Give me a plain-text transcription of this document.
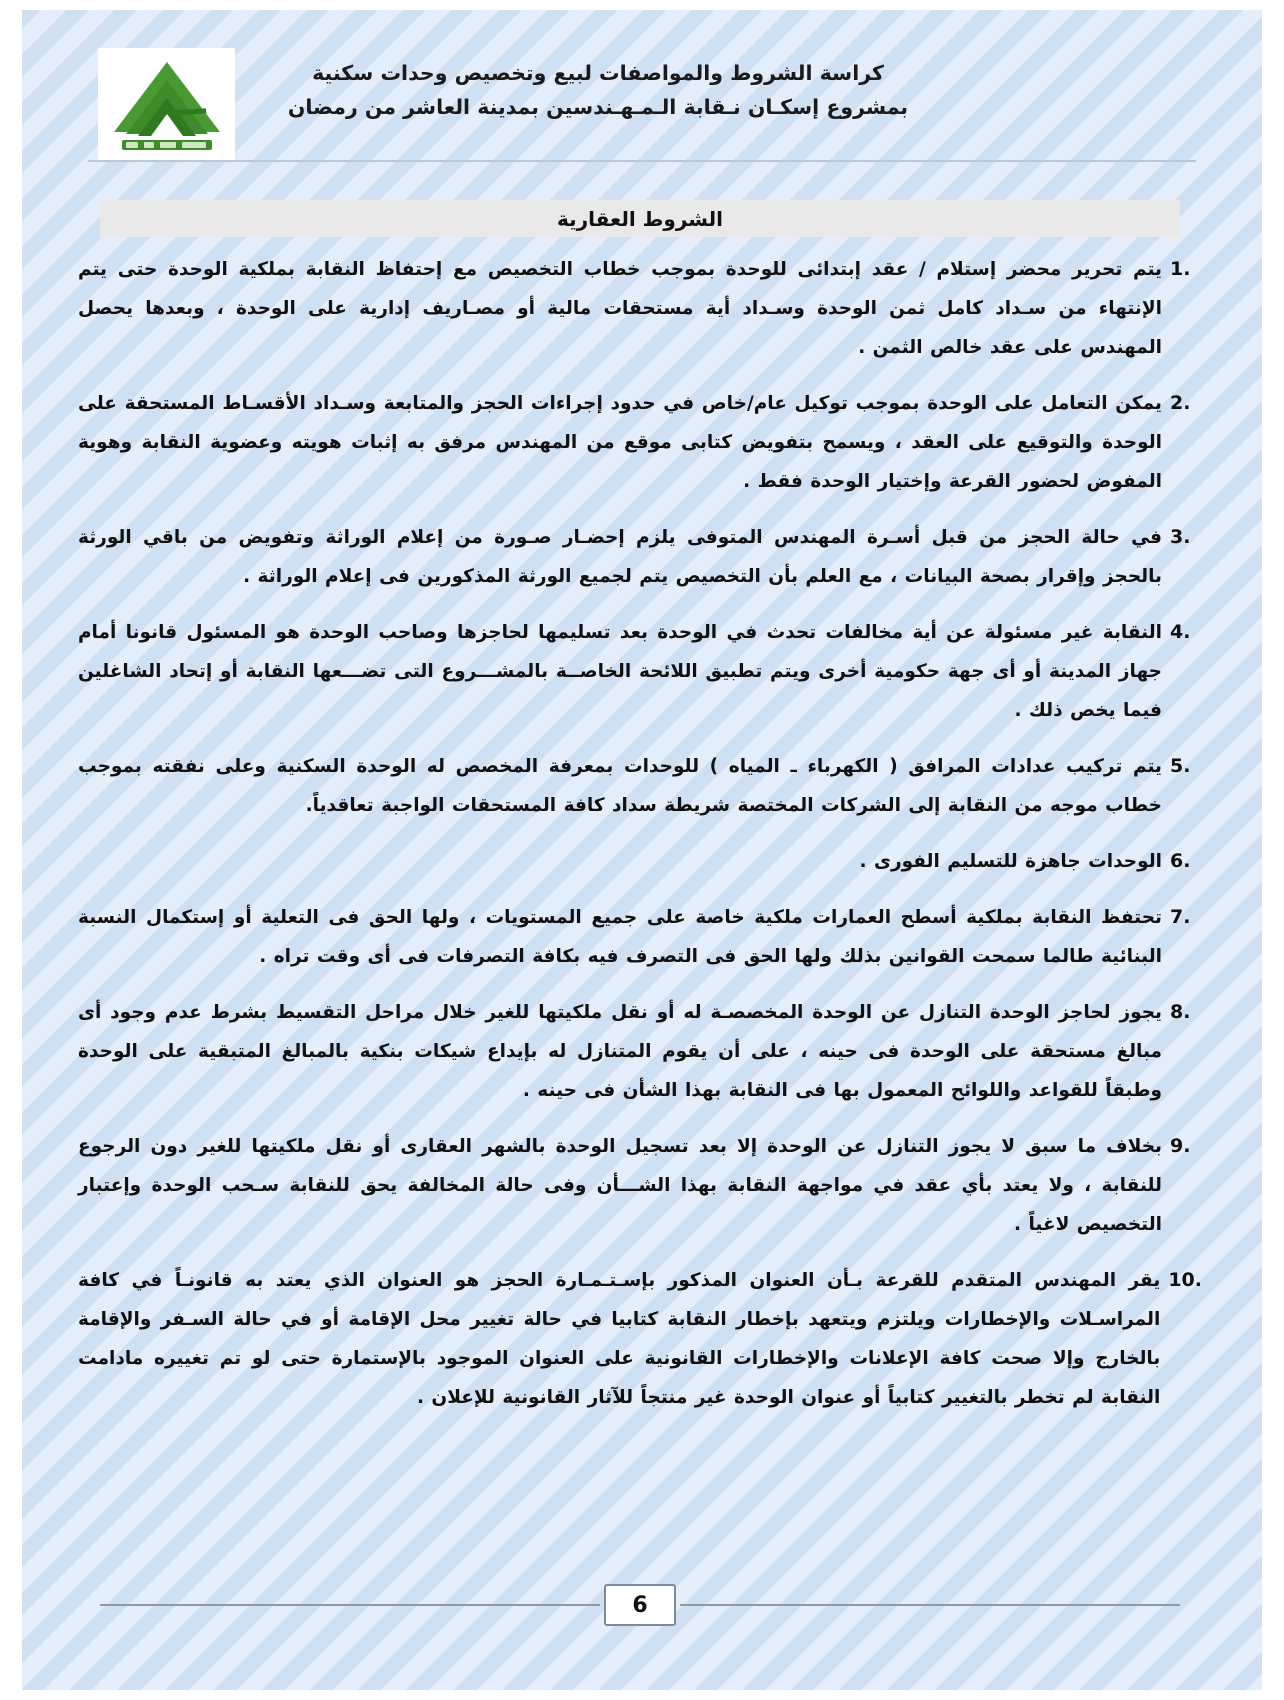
كراسة الشروط والمواصفات لبيع وتخصيص وحدات سكنية
بمشروع إسكـان نـقابة الـمـهـندسين بمدينة العاشر من رمضان
الشروط العقارية
1.
يتم تحرير محضر إستلام / عقد إبتدائى للوحدة بموجب خطاب التخصيص مع إحتفاظ النقابة بملكية الوحدة حتى يتم الإنتهاء من سـداد كامل ثمن الوحدة وسـداد أية مستحقات مالية أو مصـاريف إدارية على الوحدة ، وبعدها يحصل المهندس على عقد خالص الثمن .
2.
يمكن التعامل على الوحدة بموجب توكيل عام/خاص في حدود إجراءات الحجز والمتابعة وسـداد الأقسـاط المستحقة على الوحدة والتوقيع على العقد ، ويسمح بتفويض كتابى موقع من المهندس مرفق به إثبات هويته وعضوية النقابة وهوية المفوض لحضور القرعة وإختيار الوحدة فقط .
3.
في حالة الحجز من قبل أسـرة المهندس المتوفى يلزم إحضـار صـورة من إعلام الوراثة وتفويض من باقي الورثة بالحجز وإقرار بصحة البيانات ، مع العلم بأن التخصيص يتم لجميع الورثة المذكورين فى إعلام الوراثة .
4.
النقابة غير مسئولة عن أية مخالفات تحدث في الوحدة بعد تسليمها لحاجزها وصاحب الوحدة هو المسئول قانونا أمام جهاز المدينة أو أى جهة حكومية أخرى ويتم تطبيق اللائحة الخاصــة بالمشـــروع التى تضـــعها النقابة أو إتحاد الشاغلين فيما يخص ذلك .
5.
يتم تركيب عدادات المرافق ( الكهرباء ـ المياه ) للوحدات بمعرفة المخصص له الوحدة السكنية وعلى نفقته بموجب خطاب موجه من النقابة إلى الشركات المختصة شريطة سداد كافة المستحقات الواجبة تعاقدياً.
6.
الوحدات جاهزة للتسليم الفورى .
7.
تحتفظ النقابة بملكية أسطح العمارات ملكية خاصة على جميع المستويات ، ولها الحق فى التعلية أو إستكمال النسبة البنائية طالما سمحت القوانين بذلك ولها الحق فى التصرف فيه بكافة التصرفات فى أى وقت تراه .
8.
يجوز لحاجز الوحدة التنازل عن الوحدة المخصصـة له أو نقل ملكيتها للغير خلال مراحل التقسيط بشرط عدم وجود أى مبالغ مستحقة على الوحدة فى حينه ، على أن يقوم المتنازل له بإيداع شيكات بنكية بالمبالغ المتبقية على الوحدة وطبقاً للقواعد واللوائح المعمول بها فى النقابة بهذا الشأن فى حينه .
9.
بخلاف ما سبق لا يجوز التنازل عن الوحدة إلا بعد تسجيل الوحدة بالشهر العقارى أو نقل ملكيتها للغير دون الرجوع للنقابة ، ولا يعتد بأي عقد في مواجهة النقابة بهذا الشـــأن وفى حالة المخالفة يحق للنقابة سـحب الوحدة وإعتبار التخصيص لاغياً .
10.
يقر المهندس المتقدم للقرعة بـأن العنوان المذكور بإسـتـمـارة الحجز هو العنوان الذي يعتد به قانونـاً في كافة المراسـلات والإخطارات ويلتزم ويتعهد بإخطار النقابة كتابيا في حالة تغيير محل الإقامة أو في حالة السـفر والإقامة بالخارج وإلا صحت كافة الإعلانات والإخطارات القانونية على العنوان الموجود بالإستمارة حتى لو تم تغييره مادامت النقابة لم تخطر بالتغيير كتابياً أو عنوان الوحدة غير منتجاً للآثار القانونية للإعلان .
6
